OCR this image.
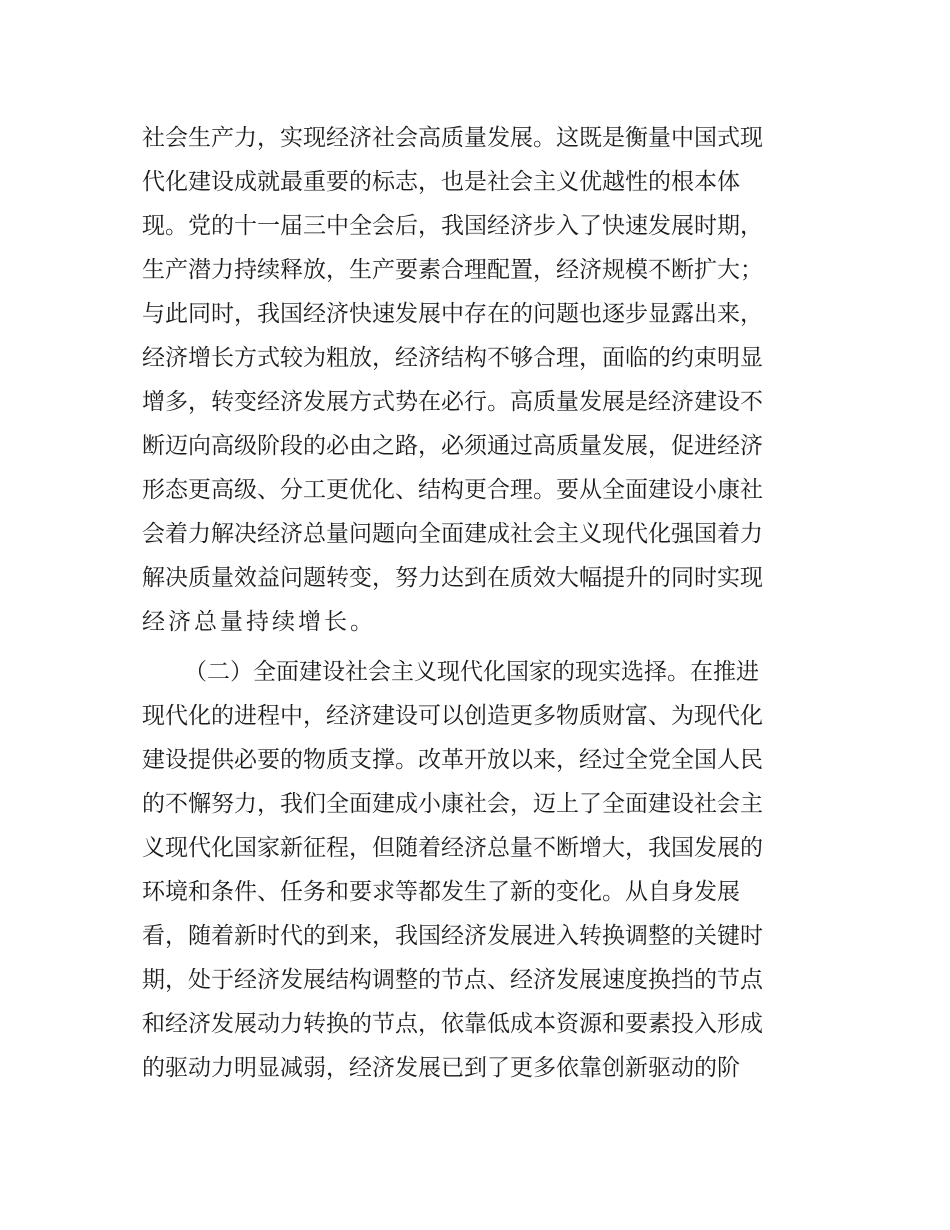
社会生产力，实现经济社会高质量发展。这既是衡量中国式现
代化建设成就最重要的标志，也是社会主义优越性的根本体
现。党的十一届三中全会后，我国经济步入了快速发展时期，
生产潜力持续释放，生产要素合理配置，经济规模不断扩大；
与此同时，我国经济快速发展中存在的问题也逐步显露出来，
经济增长方式较为粗放，经济结构不够合理，面临的约束明显
增多，转变经济发展方式势在必行。高质量发展是经济建设不
断迈向高级阶段的必由之路，必须通过高质量发展，促进经济
形态更高级、分工更优化、结构更合理。要从全面建设小康社
会着力解决经济总量问题向全面建成社会主义现代化强国着力
解决质量效益问题转变，努力达到在质效大幅提升的同时实现
经济总量持续增长。
（二）全面建设社会主义现代化国家的现实选择。在推进
现代化的进程中，经济建设可以创造更多物质财富、为现代化
建设提供必要的物质支撑。改革开放以来，经过全党全国人民
的不懈努力，我们全面建成小康社会，迈上了全面建设社会主
义现代化国家新征程，但随着经济总量不断增大，我国发展的
环境和条件、任务和要求等都发生了新的变化。从自身发展
看，随着新时代的到来，我国经济发展进入转换调整的关键时
期，处于经济发展结构调整的节点、经济发展速度换挡的节点
和经济发展动力转换的节点，依靠低成本资源和要素投入形成
的驱动力明显减弱，经济发展已到了更多依靠创新驱动的阶
